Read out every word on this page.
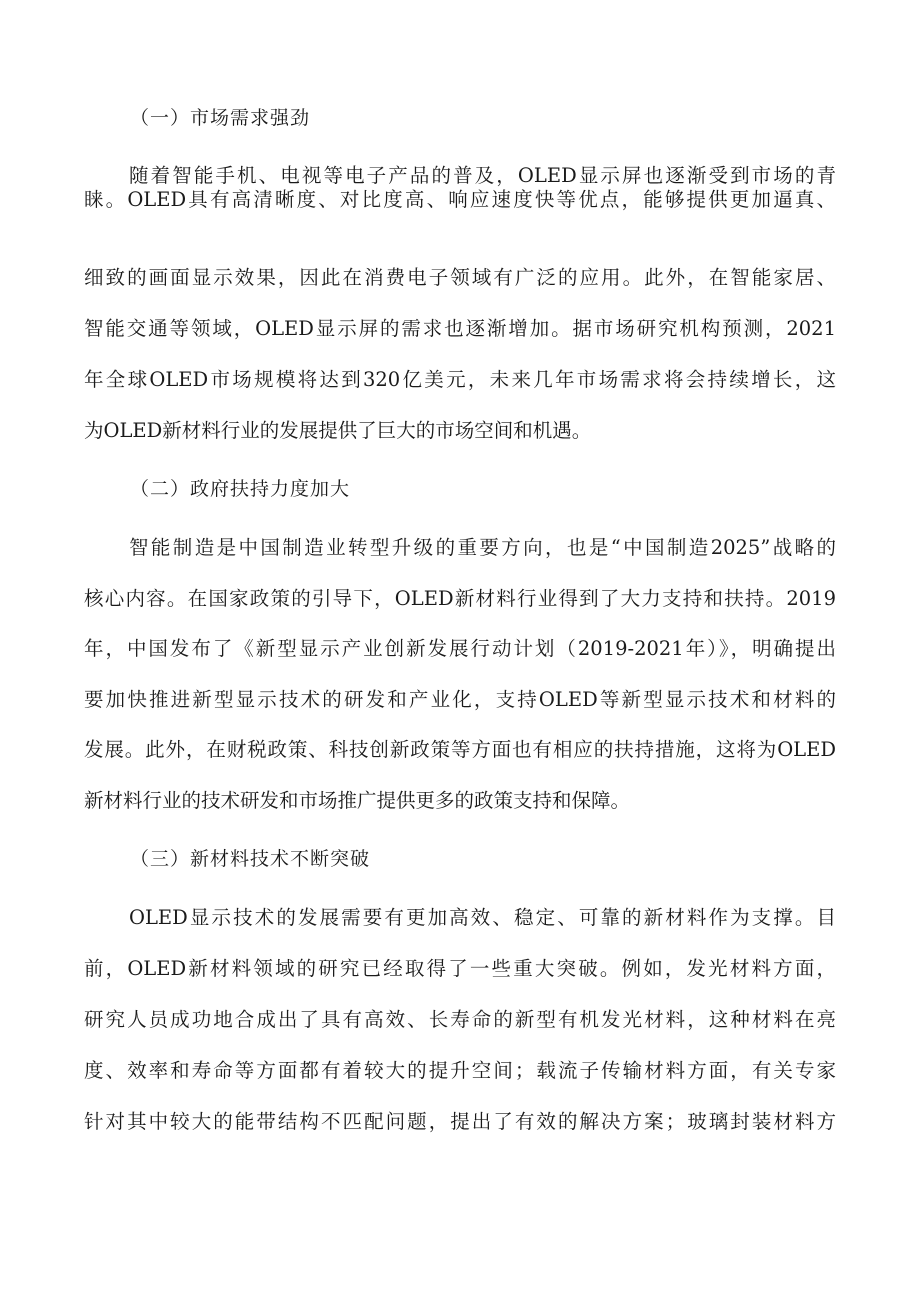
（一）市场需求强劲
随着智能手机、电视等电子产品的普及，OLED显示屏也逐渐受到市场的青
睐。OLED具有高清晰度、对比度高、响应速度快等优点，能够提供更加逼真、
细致的画面显示效果，因此在消费电子领域有广泛的应用。此外，在智能家居、
智能交通等领域，OLED显示屏的需求也逐渐增加。据市场研究机构预测，2021
年全球OLED市场规模将达到320亿美元，未来几年市场需求将会持续增长，这
为OLED新材料行业的发展提供了巨大的市场空间和机遇。
（二）政府扶持力度加大
智能制造是中国制造业转型升级的重要方向，也是“中国制造2025”战略的
核心内容。在国家政策的引导下，OLED新材料行业得到了大力支持和扶持。2019
年，中国发布了《新型显示产业创新发展行动计划（2019-2021年）》，明确提出
要加快推进新型显示技术的研发和产业化，支持OLED等新型显示技术和材料的
发展。此外，在财税政策、科技创新政策等方面也有相应的扶持措施，这将为OLED
新材料行业的技术研发和市场推广提供更多的政策支持和保障。
（三）新材料技术不断突破
OLED显示技术的发展需要有更加高效、稳定、可靠的新材料作为支撑。目
前，OLED新材料领域的研究已经取得了一些重大突破。例如，发光材料方面，
研究人员成功地合成出了具有高效、长寿命的新型有机发光材料，这种材料在亮
度、效率和寿命等方面都有着较大的提升空间；载流子传输材料方面，有关专家
针对其中较大的能带结构不匹配问题，提出了有效的解决方案；玻璃封装材料方
